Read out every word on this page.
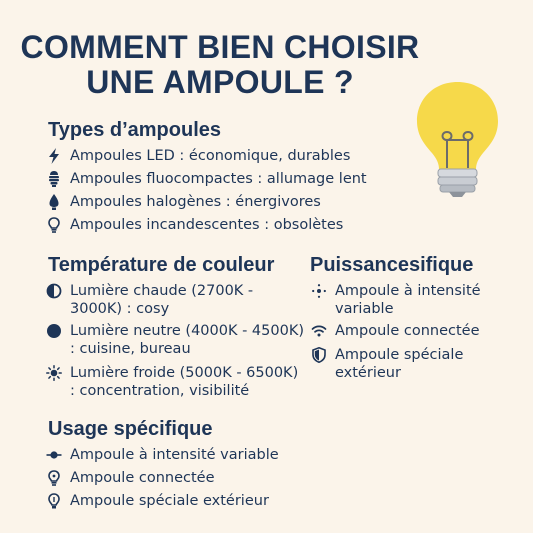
COMMENT BIEN CHOISIR
UNE AMPOULE ?
Types d’ampoules
Ampoules LED : économique, durables
Ampoules fluocompactes : allumage lent
Ampoules halogènes : énergivores
Ampoules incandescentes : obsolètes
Température de couleur
Lumière chaude (2700K - 3000K) : cosy
Lumière neutre (4000K - 4500K) : cuisine, bureau
Lumière froide (5000K - 6500K) : concentration, visibilité
Puissancesifique
Ampoule à intensité variable
Ampoule connectée
Ampoule spéciale extérieur
Usage spécifique
Ampoule à intensité variable
Ampoule connectée
Ampoule spéciale extérieur
